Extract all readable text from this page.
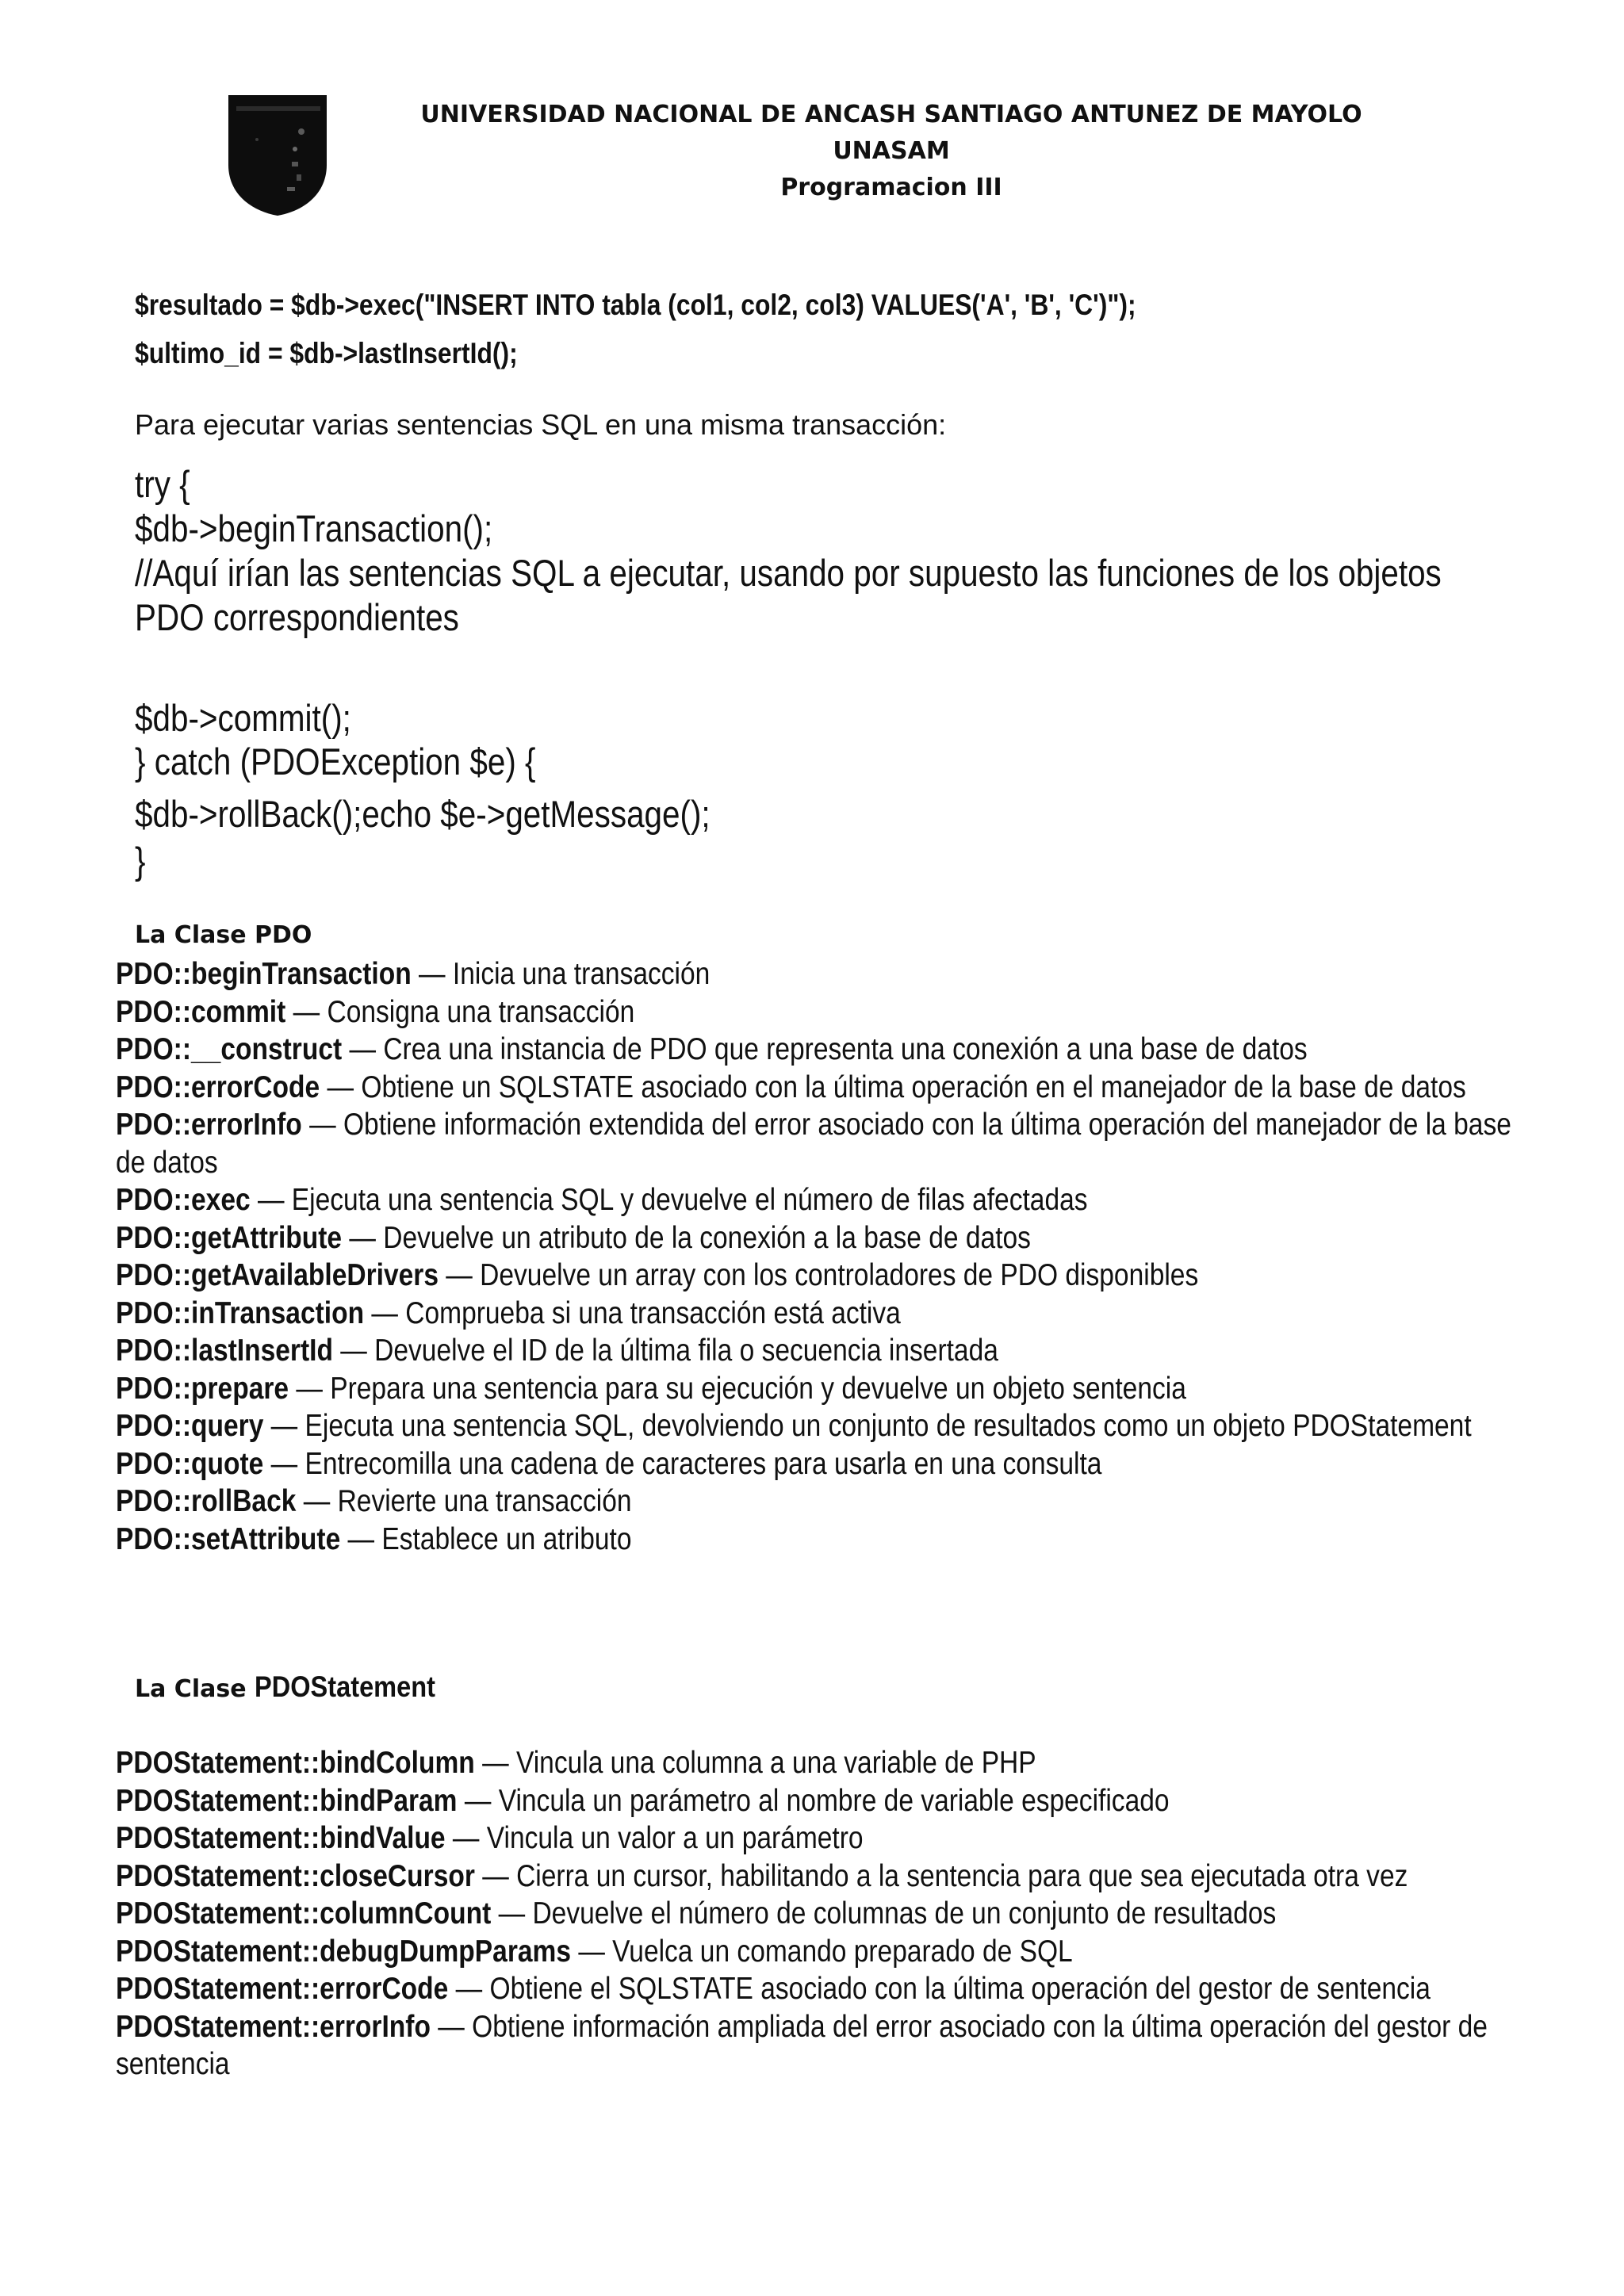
UNIVERSIDAD NACIONAL DE ANCASH SANTIAGO ANTUNEZ DE MAYOLO
UNASAM
Programacion III
$resultado = $db->exec("INSERT INTO tabla (col1, col2, col3) VALUES('A', 'B', 'C')");
$ultimo_id = $db->lastInsertId();
Para ejecutar varias sentencias SQL en una misma transacción:
try {
$db->beginTransaction();
//Aquí irían las sentencias SQL a ejecutar, usando por supuesto las funciones de los objetos
PDO correspondientes
$db->commit();
} catch (PDOException $e) {
$db->rollBack();echo $e->getMessage();
}
La Clase PDO
PDO::beginTransaction — Inicia una transacción
PDO::commit — Consigna una transacción
PDO::__construct — Crea una instancia de PDO que representa una conexión a una base de datos
PDO::errorCode — Obtiene un SQLSTATE asociado con la última operación en el manejador de la base de datos
PDO::errorInfo — Obtiene información extendida del error asociado con la última operación del manejador de la base de datos
PDO::exec — Ejecuta una sentencia SQL y devuelve el número de filas afectadas
PDO::getAttribute — Devuelve un atributo de la conexión a la base de datos
PDO::getAvailableDrivers — Devuelve un array con los controladores de PDO disponibles
PDO::inTransaction — Comprueba si una transacción está activa
PDO::lastInsertId — Devuelve el ID de la última fila o secuencia insertada
PDO::prepare — Prepara una sentencia para su ejecución y devuelve un objeto sentencia
PDO::query — Ejecuta una sentencia SQL, devolviendo un conjunto de resultados como un objeto PDOStatement
PDO::quote — Entrecomilla una cadena de caracteres para usarla en una consulta
PDO::rollBack — Revierte una transacción
PDO::setAttribute — Establece un atributo
La Clase PDOStatement
PDOStatement::bindColumn — Vincula una columna a una variable de PHP
PDOStatement::bindParam — Vincula un parámetro al nombre de variable especificado
PDOStatement::bindValue — Vincula un valor a un parámetro
PDOStatement::closeCursor — Cierra un cursor, habilitando a la sentencia para que sea ejecutada otra vez
PDOStatement::columnCount — Devuelve el número de columnas de un conjunto de resultados
PDOStatement::debugDumpParams — Vuelca un comando preparado de SQL
PDOStatement::errorCode — Obtiene el SQLSTATE asociado con la última operación del gestor de sentencia
PDOStatement::errorInfo — Obtiene información ampliada del error asociado con la última operación del gestor de sentencia
